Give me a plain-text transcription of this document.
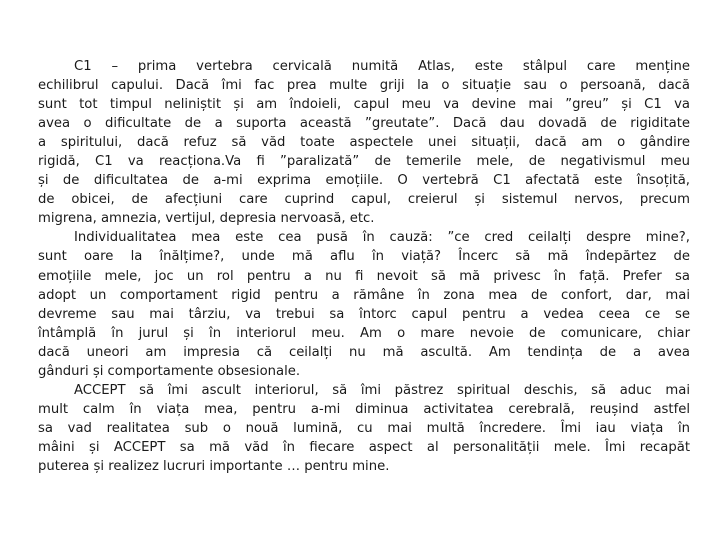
C1 – prima vertebra cervicală numită Atlas, este stâlpul care menține
echilibrul capului. Dacă îmi fac prea multe griji la o situație sau o persoană, dacă
sunt tot timpul neliniștit și am îndoieli, capul meu va devine mai ”greu” și C1 va
avea o dificultate de a suporta această ”greutate”. Dacă dau dovadă de rigiditate
a spiritului, dacă refuz să văd toate aspectele unei situații, dacă am o gândire
rigidă, C1 va reacționa.Va fi ”paralizată” de temerile mele, de negativismul meu
și de dificultatea de a-mi exprima emoțiile. O vertebră C1 afectată este însoțită,
de obicei, de afecțiuni care cuprind capul, creierul și sistemul nervos, precum
migrena, amnezia, vertijul, depresia nervoasă, etc.
Individualitatea mea este cea pusă în cauză: ”ce cred ceilalți despre mine?,
sunt oare la înălțime?, unde mă aflu în viață? Încerc să mă îndepărtez de
emoțiile mele, joc un rol pentru a nu fi nevoit să mă privesc în față. Prefer sa
adopt un comportament rigid pentru a rămâne în zona mea de confort, dar, mai
devreme sau mai târziu, va trebui sa întorc capul pentru a vedea ceea ce se
întâmplă în jurul și în interiorul meu. Am o mare nevoie de comunicare, chiar
dacă uneori am impresia că ceilalți nu mă ascultă. Am tendința de a avea
gânduri și comportamente obsesionale.
ACCEPT să îmi ascult interiorul, să îmi păstrez spiritual deschis, să aduc mai
mult calm în viața mea, pentru a-mi diminua activitatea cerebrală, reușind astfel
sa vad realitatea sub o nouă lumină, cu mai multă încredere. Îmi iau viața în
mâini și ACCEPT sa mă văd în fiecare aspect al personalității mele. Îmi recapăt
puterea și realizez lucruri importante … pentru mine.
